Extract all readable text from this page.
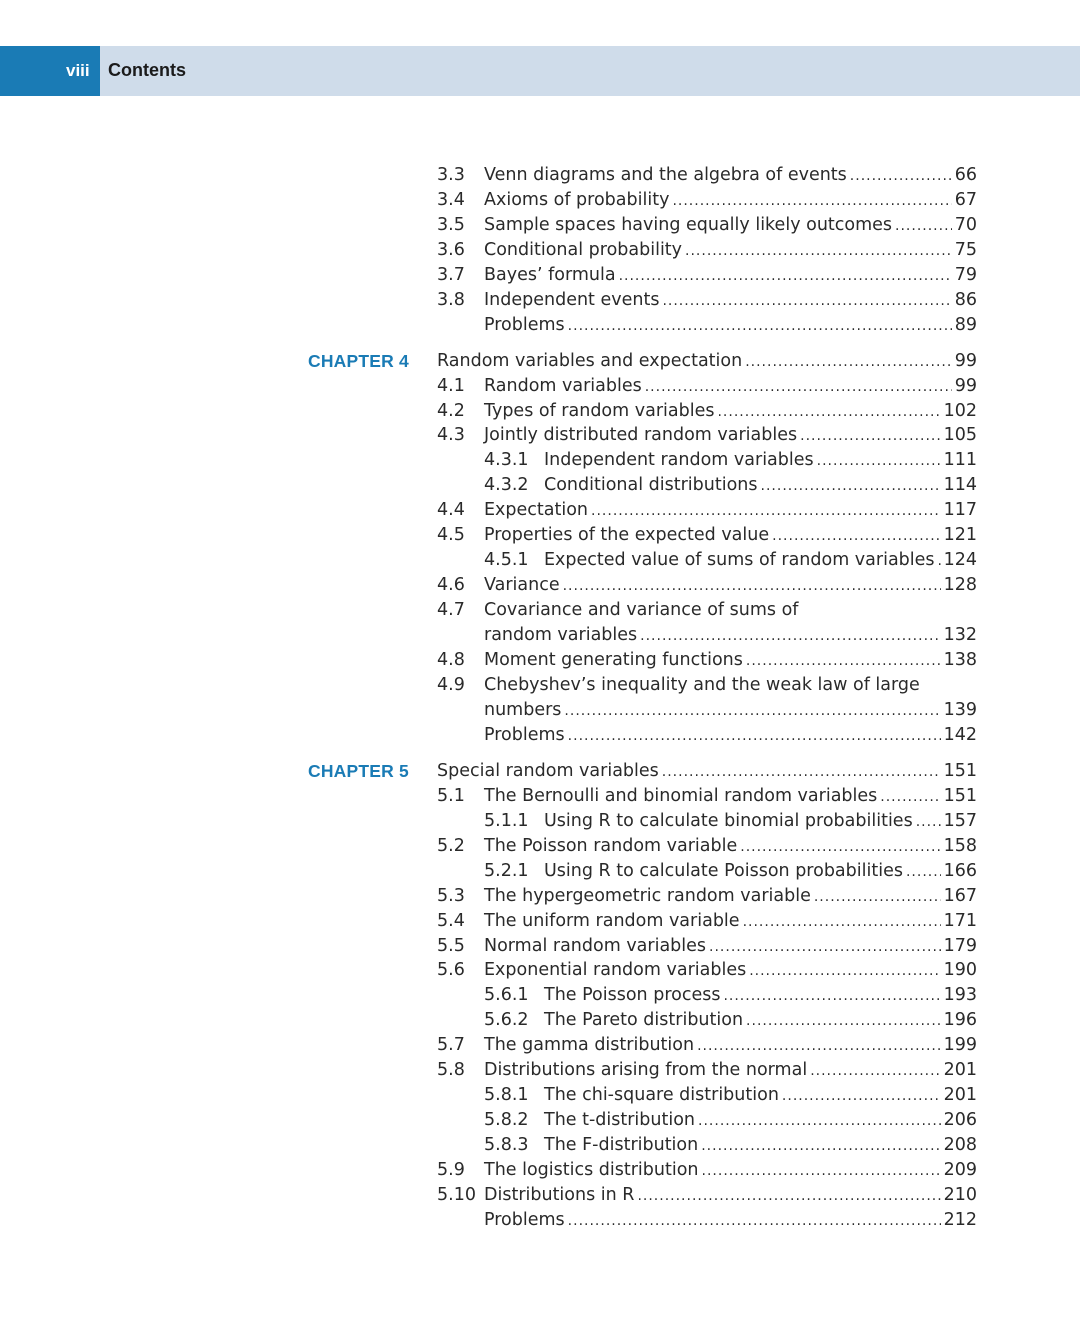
viii Contents
3.3 Venn diagrams and the algebra of events .....	66
3.4 Axioms of probability .....	67
3.5 Sample spaces having equally likely outcomes .....	70
3.6 Conditional probability .....	75
3.7 Bayes’ formula .....	79
3.8 Independent events .....	86
Problems .....	89
CHAPTER 4 Random variables and expectation .....	99
4.1 Random variables .....	99
4.2 Types of random variables .....	102
4.3 Jointly distributed random variables .....	105
4.3.1 Independent random variables .....	111
4.3.2 Conditional distributions .....	114
4.4 Expectation .....	117
4.5 Properties of the expected value .....	121
4.5.1 Expected value of sums of random variables ..... 124
4.6 Variance .....	128
4.7 Covariance and variance of sums of
random variables .....	132
4.8 Moment generating functions .....	138
4.9 Chebyshev’s inequality and the weak law of large
numbers .....	139
Problems .....	142
CHAPTER 5 Special random variables .....	151
5.1 The Bernoulli and binomial random variables .....	151
5.1.1 Using R to calculate binomial probabilities ..... 157
5.2 The Poisson random variable .....	158
5.2.1 Using R to calculate Poisson probabilities ..... 166
5.3 The hypergeometric random variable .....	167
5.4 The uniform random variable .....	171
5.5 Normal random variables .....	179
5.6 Exponential random variables .....	190
5.6.1 The Poisson process .....	193
5.6.2 The Pareto distribution .....	196
5.7 The gamma distribution .....	199
5.8 Distributions arising from the normal .....	201
5.8.1 The chi-square distribution .....	201
5.8.2 The t-distribution .....	206
5.8.3 The F-distribution .....	208
5.9 The logistics distribution .....	209
5.10 Distributions in R .....	210
Problems .....	212
